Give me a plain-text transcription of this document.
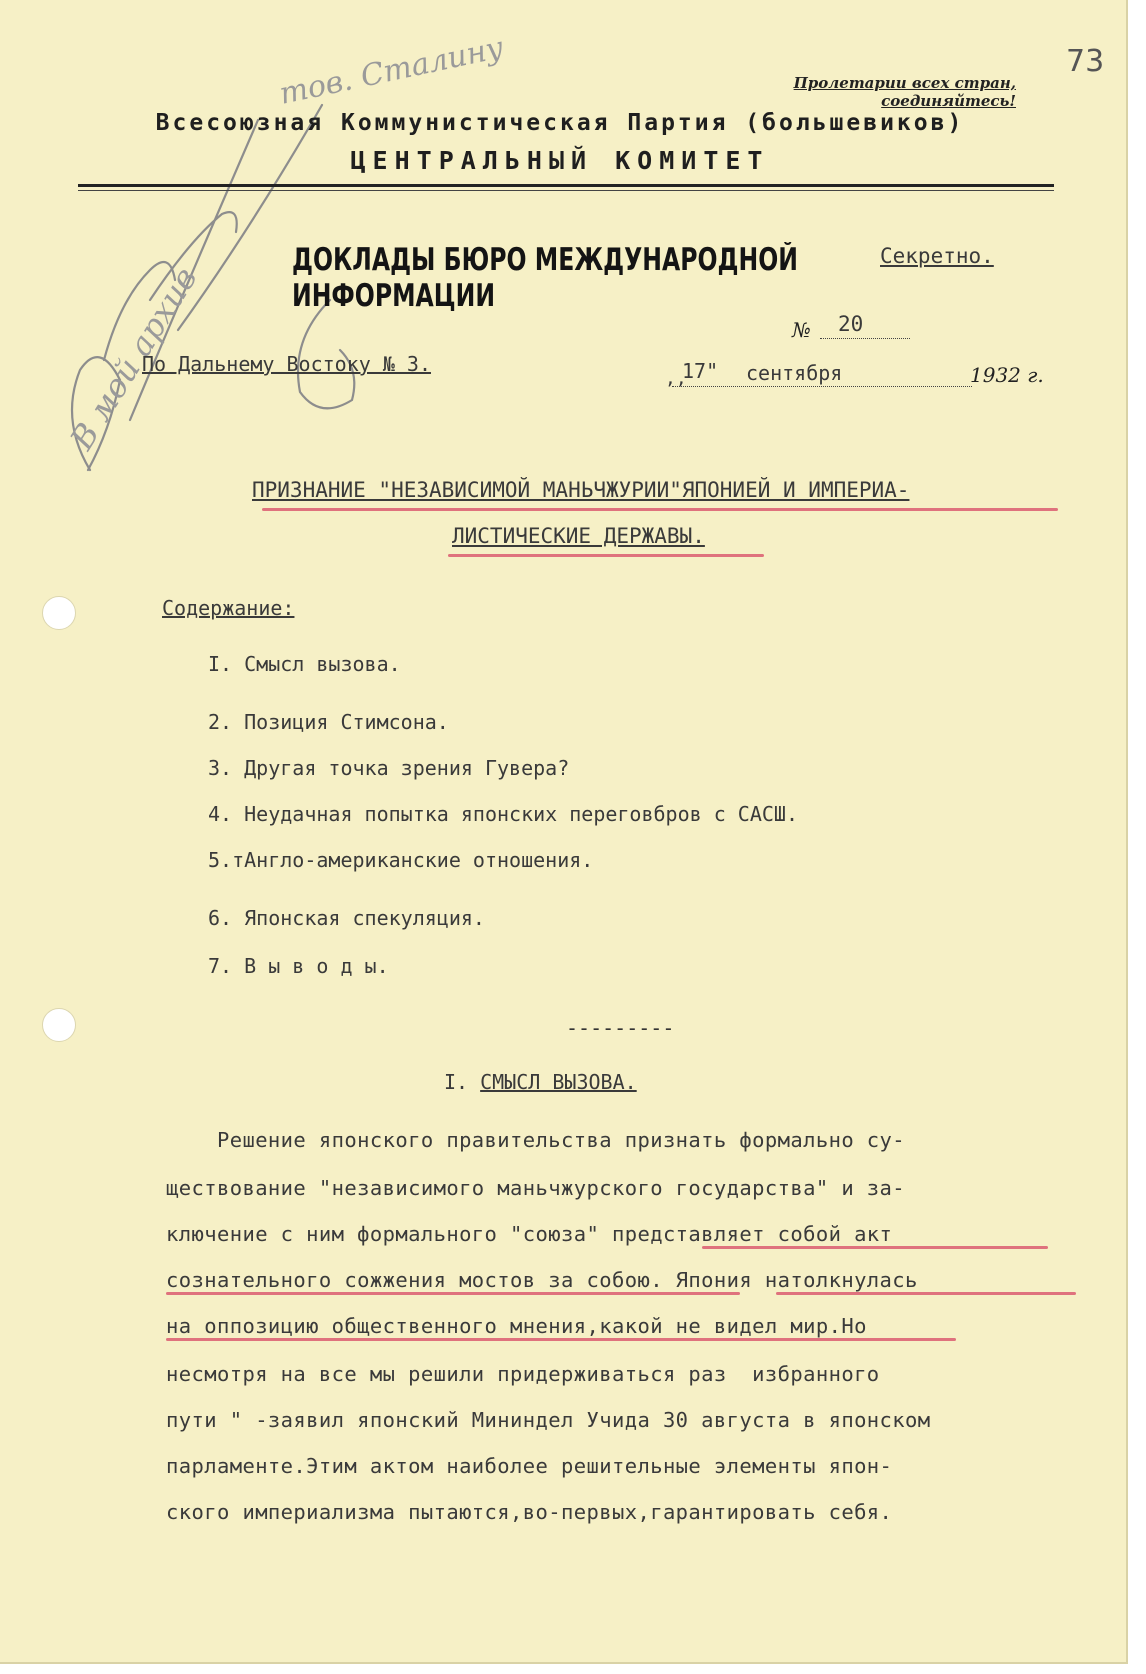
тов. Сталину
В мой архив
73
Пролетарии всех стран, соединяйтесь!
Всесоюзная Коммунистическая Партия (большевиков)
ЦЕНТРАЛЬНЫЙ КОМИТЕТ
ДОКЛАДЫ БЮРО МЕЖДУНАРОДНОЙ ИНФОРМАЦИИ
Секретно.
№ 20
По Дальнему Востоку № 3.
,,
17" сентября	1932 г.
ПРИЗНАНИЕ "НЕЗАВИСИМОЙ МАНЬЧЖУРИИ"ЯПОНИЕЙ И ИМПЕРИА-
ЛИСТИЧЕСКИЕ ДЕРЖАВЫ.
Содержание:
I. Смысл вызова.
2. Позиция Стимсона.
3. Другая точка зрения Гувера?
4. Неудачная попытка японских переговбров с САСШ.
5.тАнгло-американские отношения.
6. Японская спекуляция.
7. В ы в о д ы.
---------
I. СМЫСЛ ВЫЗОВА.
Решение японского правительства признать формально су-
ществование "независимого маньчжурского государства" и за-
ключение с ним формального "союза" представляет собой акт
сознательного сожжения мостов за собою. Япония натолкнулась
на оппозицию общественного мнения,какой не видел мир.Но
несмотря на все мы решили придерживаться раз  избранного
пути " -заявил японский Мининдел Учида 30 августа в японском
парламенте.Этим актом наиболее решительные элементы япон-
ского империализма пытаются,во-первых,гарантировать себя.
